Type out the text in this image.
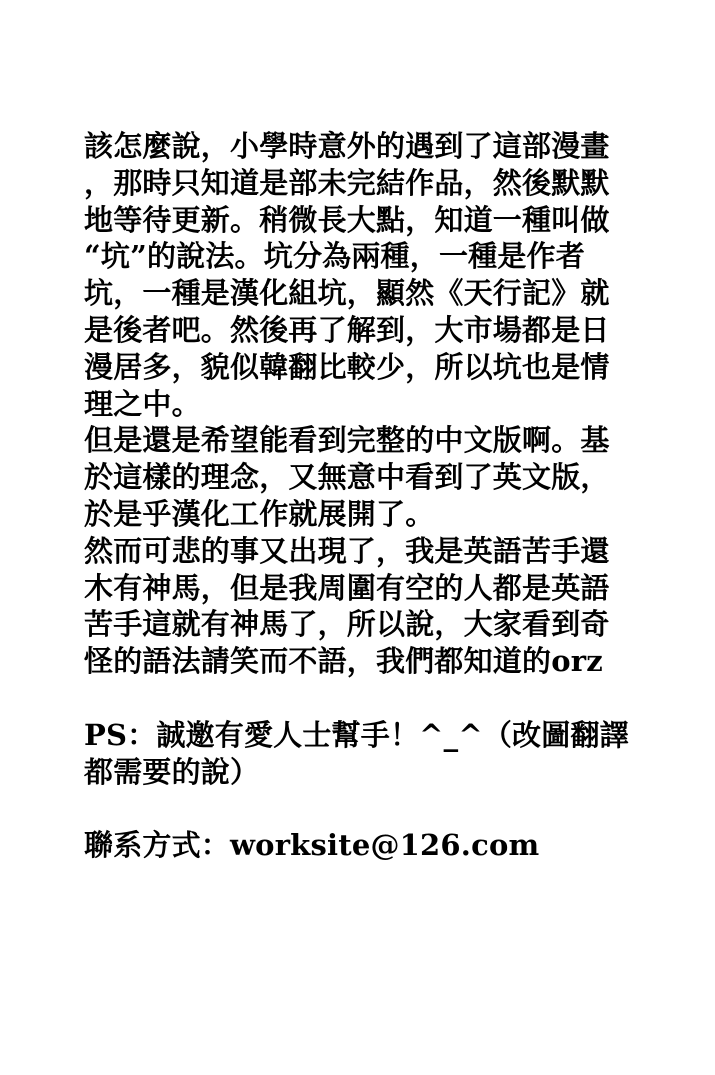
該怎麼說，小學時意外的遇到了這部漫畫
，那時只知道是部未完結作品，然後默默
地等待更新。稍微長大點，知道一種叫做
“坑”的說法。坑分為兩種，一種是作者
坑，一種是漢化組坑，顯然《天行記》就
是後者吧。然後再了解到，大市場都是日
漫居多，貌似韓翻比較少，所以坑也是情
理之中。
但是還是希望能看到完整的中文版啊。基
於這樣的理念，又無意中看到了英文版，
於是乎漢化工作就展開了。
然而可悲的事又出現了，我是英語苦手還
木有神馬，但是我周圍有空的人都是英語
苦手這就有神馬了，所以說，大家看到奇
怪的語法請笑而不語，我們都知道的orz
PS：誠邀有愛人士幫手！^_^（改圖翻譯
都需要的說）
聯系方式：worksite@126.com
